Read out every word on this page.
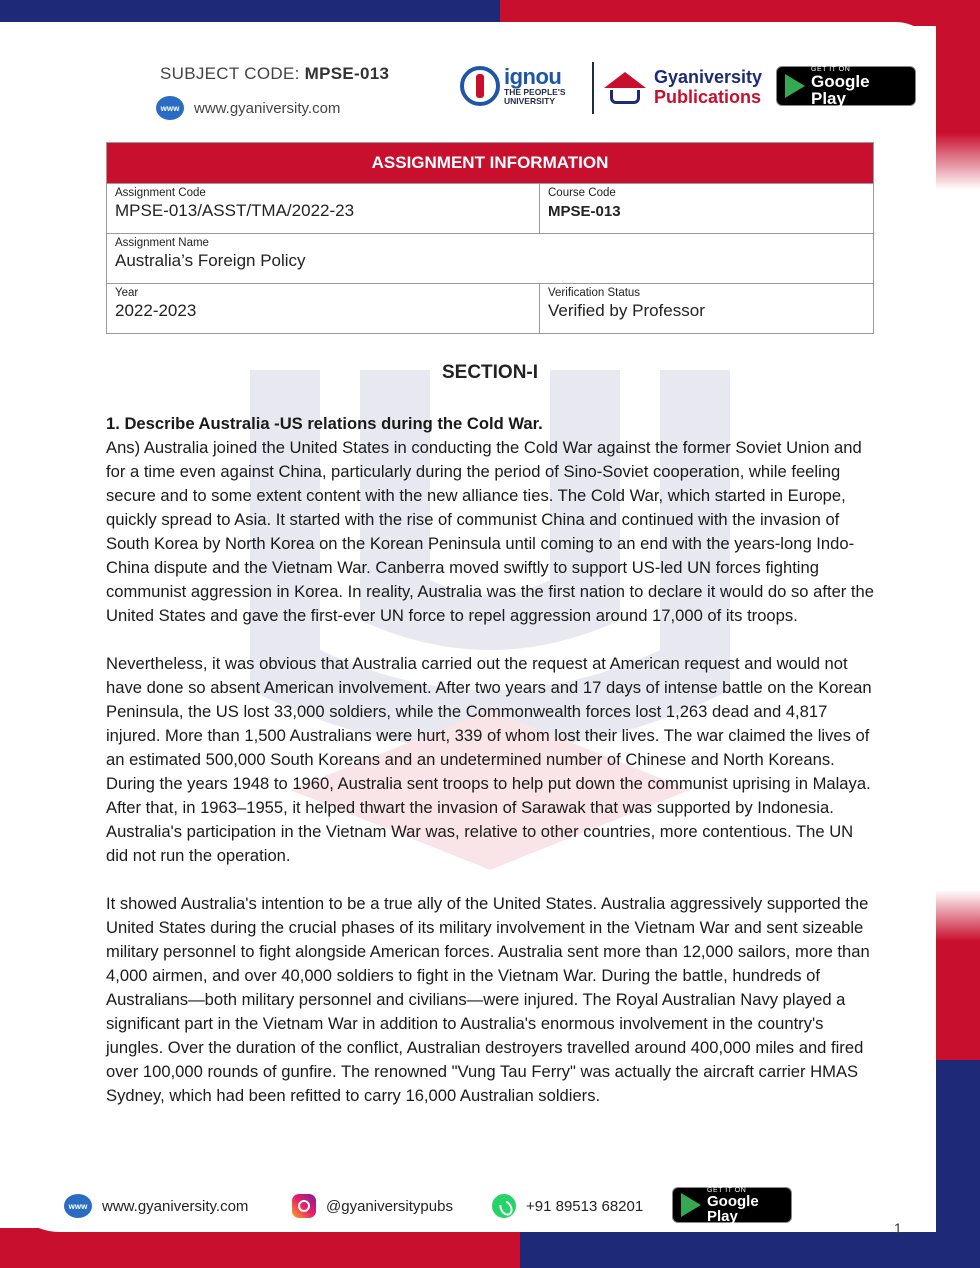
SUBJECT CODE: MPSE-013
www www.gyaniversity.com
ignou
THE PEOPLE'S
UNIVERSITY
Gyaniversity
Publications
GET IT ON
Google Play
ASSIGNMENT INFORMATION
Assignment Code
MPSE-013/ASST/TMA/2022-23
Course Code
MPSE-013
Assignment Name
Australia’s Foreign Policy
Year
2022-2023
Verification Status
Verified by Professor
SECTION-I
1. Describe Australia -US relations during the Cold War.

Ans) Australia joined the United States in conducting the Cold War against the former Soviet Union and for a time even against China, particularly during the period of Sino-Soviet cooperation, while feeling secure and to some extent content with the new alliance ties. The Cold War, which started in Europe, quickly spread to Asia. It started with the rise of communist China and continued with the invasion of South Korea by North Korea on the Korean Peninsula until coming to an end with the years-long Indo-China dispute and the Vietnam War. Canberra moved swiftly to support US-led UN forces fighting communist aggression in Korea. In reality, Australia was the first nation to declare it would do so after the United States and gave the first-ever UN force to repel aggression around 17,000 of its troops.

Nevertheless, it was obvious that Australia carried out the request at American request and would not have done so absent American involvement. After two years and 17 days of intense battle on the Korean Peninsula, the US lost 33,000 soldiers, while the Commonwealth forces lost 1,263 dead and 4,817 injured. More than 1,500 Australians were hurt, 339 of whom lost their lives. The war claimed the lives of an estimated 500,000 South Koreans and an undetermined number of Chinese and North Koreans. During the years 1948 to 1960, Australia sent troops to help put down the communist uprising in Malaya. After that, in 1963–1955, it helped thwart the invasion of Sarawak that was supported by Indonesia. Australia's participation in the Vietnam War was, relative to other countries, more contentious. The UN did not run the operation.

It showed Australia's intention to be a true ally of the United States. Australia aggressively supported the United States during the crucial phases of its military involvement in the Vietnam War and sent sizeable military personnel to fight alongside American forces. Australia sent more than 12,000 sailors, more than 4,000 airmen, and over 40,000 soldiers to fight in the Vietnam War. During the battle, hundreds of Australians—both military personnel and civilians—were injured. The Royal Australian Navy played a significant part in the Vietnam War in addition to Australia's enormous involvement in the country's jungles. Over the duration of the conflict, Australian destroyers travelled around 400,000 miles and fired over 100,000 rounds of gunfire. The renowned "Vung Tau Ferry" was actually the aircraft carrier HMAS Sydney, which had been refitted to carry 16,000 Australian soldiers.

www www.gyaniversity.com	@gyaniversitypubs	+91 89513 68201
GET IT ON
Google Play
1
